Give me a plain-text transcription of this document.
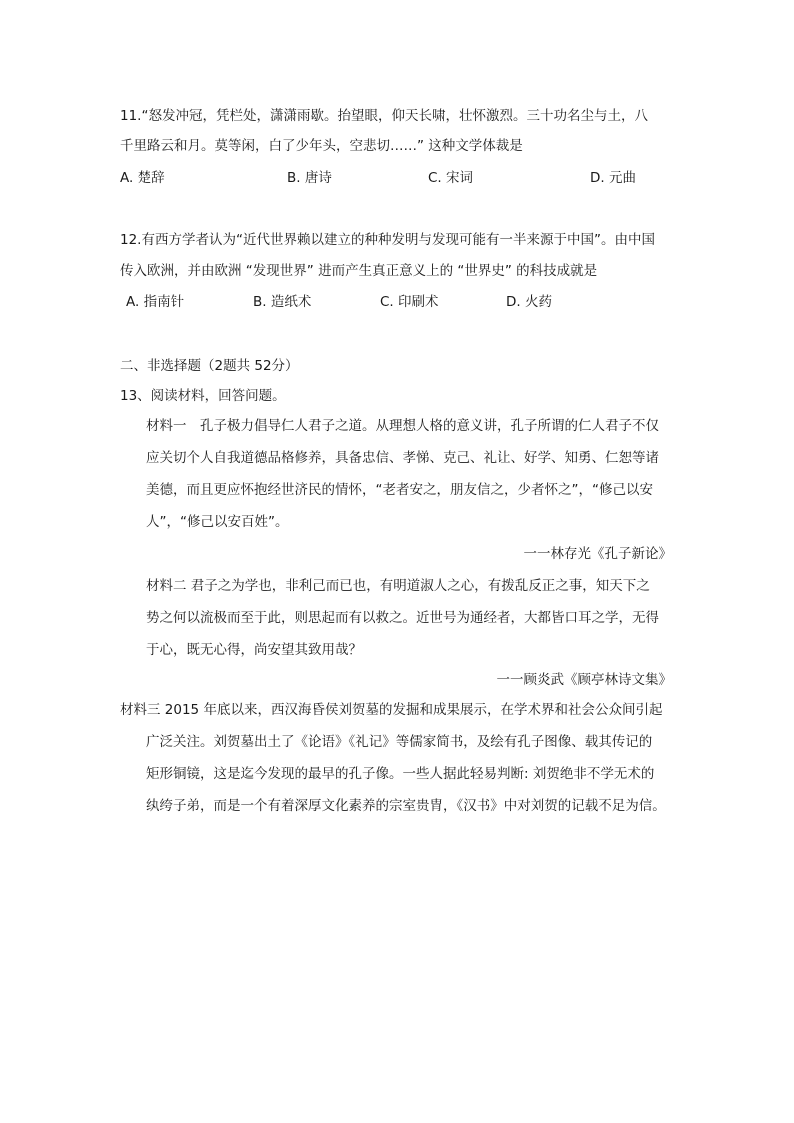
11.“怒发冲冠，凭栏处，潇潇雨歇。抬望眼，仰天长啸，壮怀激烈。三十功名尘与土，八
千里路云和月。莫等闲，白了少年头，空悲切……” 这种文学体裁是
A. 楚辞	B. 唐诗	C. 宋词	D. 元曲
12.有西方学者认为“近代世界赖以建立的种种发明与发现可能有一半来源于中国”。由中国
传入欧洲，并由欧洲 “发现世界” 进而产生真正意义上的 “世界史” 的科技成就是
A. 指南针	B. 造纸术	C. 印刷术	D. 火药
二、非选择题（2题共 52分）
13、阅读材料，回答问题。
材料一　孔子极力倡导仁人君子之道。从理想人格的意义讲，孔子所谓的仁人君子不仅
应关切个人自我道德品格修养，具备忠信、孝悌、克己、礼让、好学、知勇、仁恕等诸
美德，而且更应怀抱经世济民的情怀，“老者安之，朋友信之，少者怀之”，“修己以安
人”，“修己以安百姓”。
一一林存光《孔子新论》
材料二 君子之为学也，非利己而已也，有明道淑人之心，有拨乱反正之事，知天下之
势之何以流极而至于此，则思起而有以救之。近世号为通经者，大都皆口耳之学，无得
于心，既无心得，尚安望其致用哉？
一一顾炎武《顾亭林诗文集》
材料三 2015 年底以来，西汉海昏侯刘贺墓的发掘和成果展示，在学术界和社会公众间引起
广泛关注。刘贺墓出土了《论语》《礼记》等儒家简书，及绘有孔子图像、载其传记的
矩形铜镜，这是迄今发现的最早的孔子像。一些人据此轻易判断: 刘贺绝非不学无术的
纨绔子弟，而是一个有着深厚文化素养的宗室贵胄，《汉书》中对刘贺的记载不足为信。
